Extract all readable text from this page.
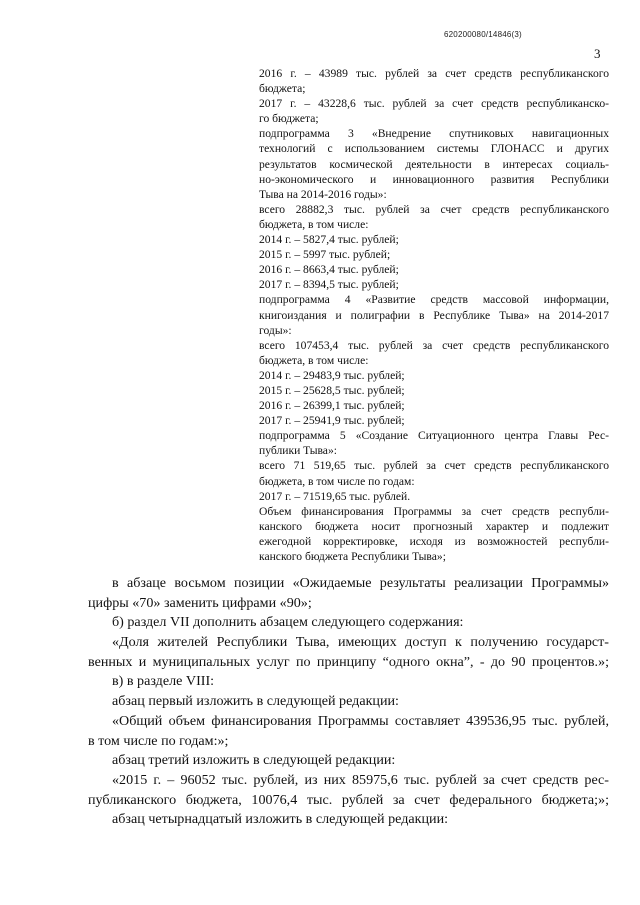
620200080/14846(3)
3
2016 г. – 43989 тыс. рублей за счет средств республиканского
бюджета;
2017 г. – 43228,6 тыс. рублей за счет средств республиканско-
го бюджета;
подпрограмма 3 «Внедрение спутниковых навигационных
технологий с использованием системы ГЛОНАСС и других
результатов космической деятельности в интересах социаль-
но-экономического и инновационного развития Республики
Тыва на 2014-2016 годы»:
всего 28882,3 тыс. рублей за счет средств республиканского
бюджета, в том числе:
2014 г. – 5827,4 тыс. рублей;
2015 г. – 5997 тыс. рублей;
2016 г. – 8663,4 тыс. рублей;
2017 г. – 8394,5 тыс. рублей;
подпрограмма 4 «Развитие средств массовой информации,
книгоиздания и полиграфии в Республике Тыва» на 2014-2017
годы»:
всего 107453,4 тыс. рублей за счет средств республиканского
бюджета, в том числе:
2014 г. – 29483,9 тыс. рублей;
2015 г. – 25628,5 тыс. рублей;
2016 г. – 26399,1 тыс. рублей;
2017 г. – 25941,9 тыс. рублей;
подпрограмма 5 «Создание Ситуационного центра Главы Рес-
публики Тыва»:
всего 71 519,65 тыс. рублей за счет средств республиканского
бюджета, в том числе по годам:
2017 г. – 71519,65 тыс. рублей.
Объем финансирования Программы за счет средств республи-
канского бюджета носит прогнозный характер и подлежит
ежегодной корректировке, исходя из возможностей республи-
канского бюджета Республики Тыва»;
в абзаце восьмом позиции «Ожидаемые результаты реализации Программы»
цифры «70» заменить цифрами «90»;
б) раздел VII дополнить абзацем следующего содержания:
«Доля жителей Республики Тыва, имеющих доступ к получению государст-
венных и муниципальных услуг по принципу “одного окна”, - до 90 процентов.»;
в) в разделе VIII:
абзац первый изложить в следующей редакции:
«Общий объем финансирования Программы составляет 439536,95 тыс. рублей,
в том числе по годам:»;
абзац третий изложить в следующей редакции:
«2015 г. – 96052 тыс. рублей, из них 85975,6 тыс. рублей за счет средств рес-
публиканского бюджета, 10076,4 тыс. рублей за счет федерального бюджета;»;
абзац четырнадцатый изложить в следующей редакции:
